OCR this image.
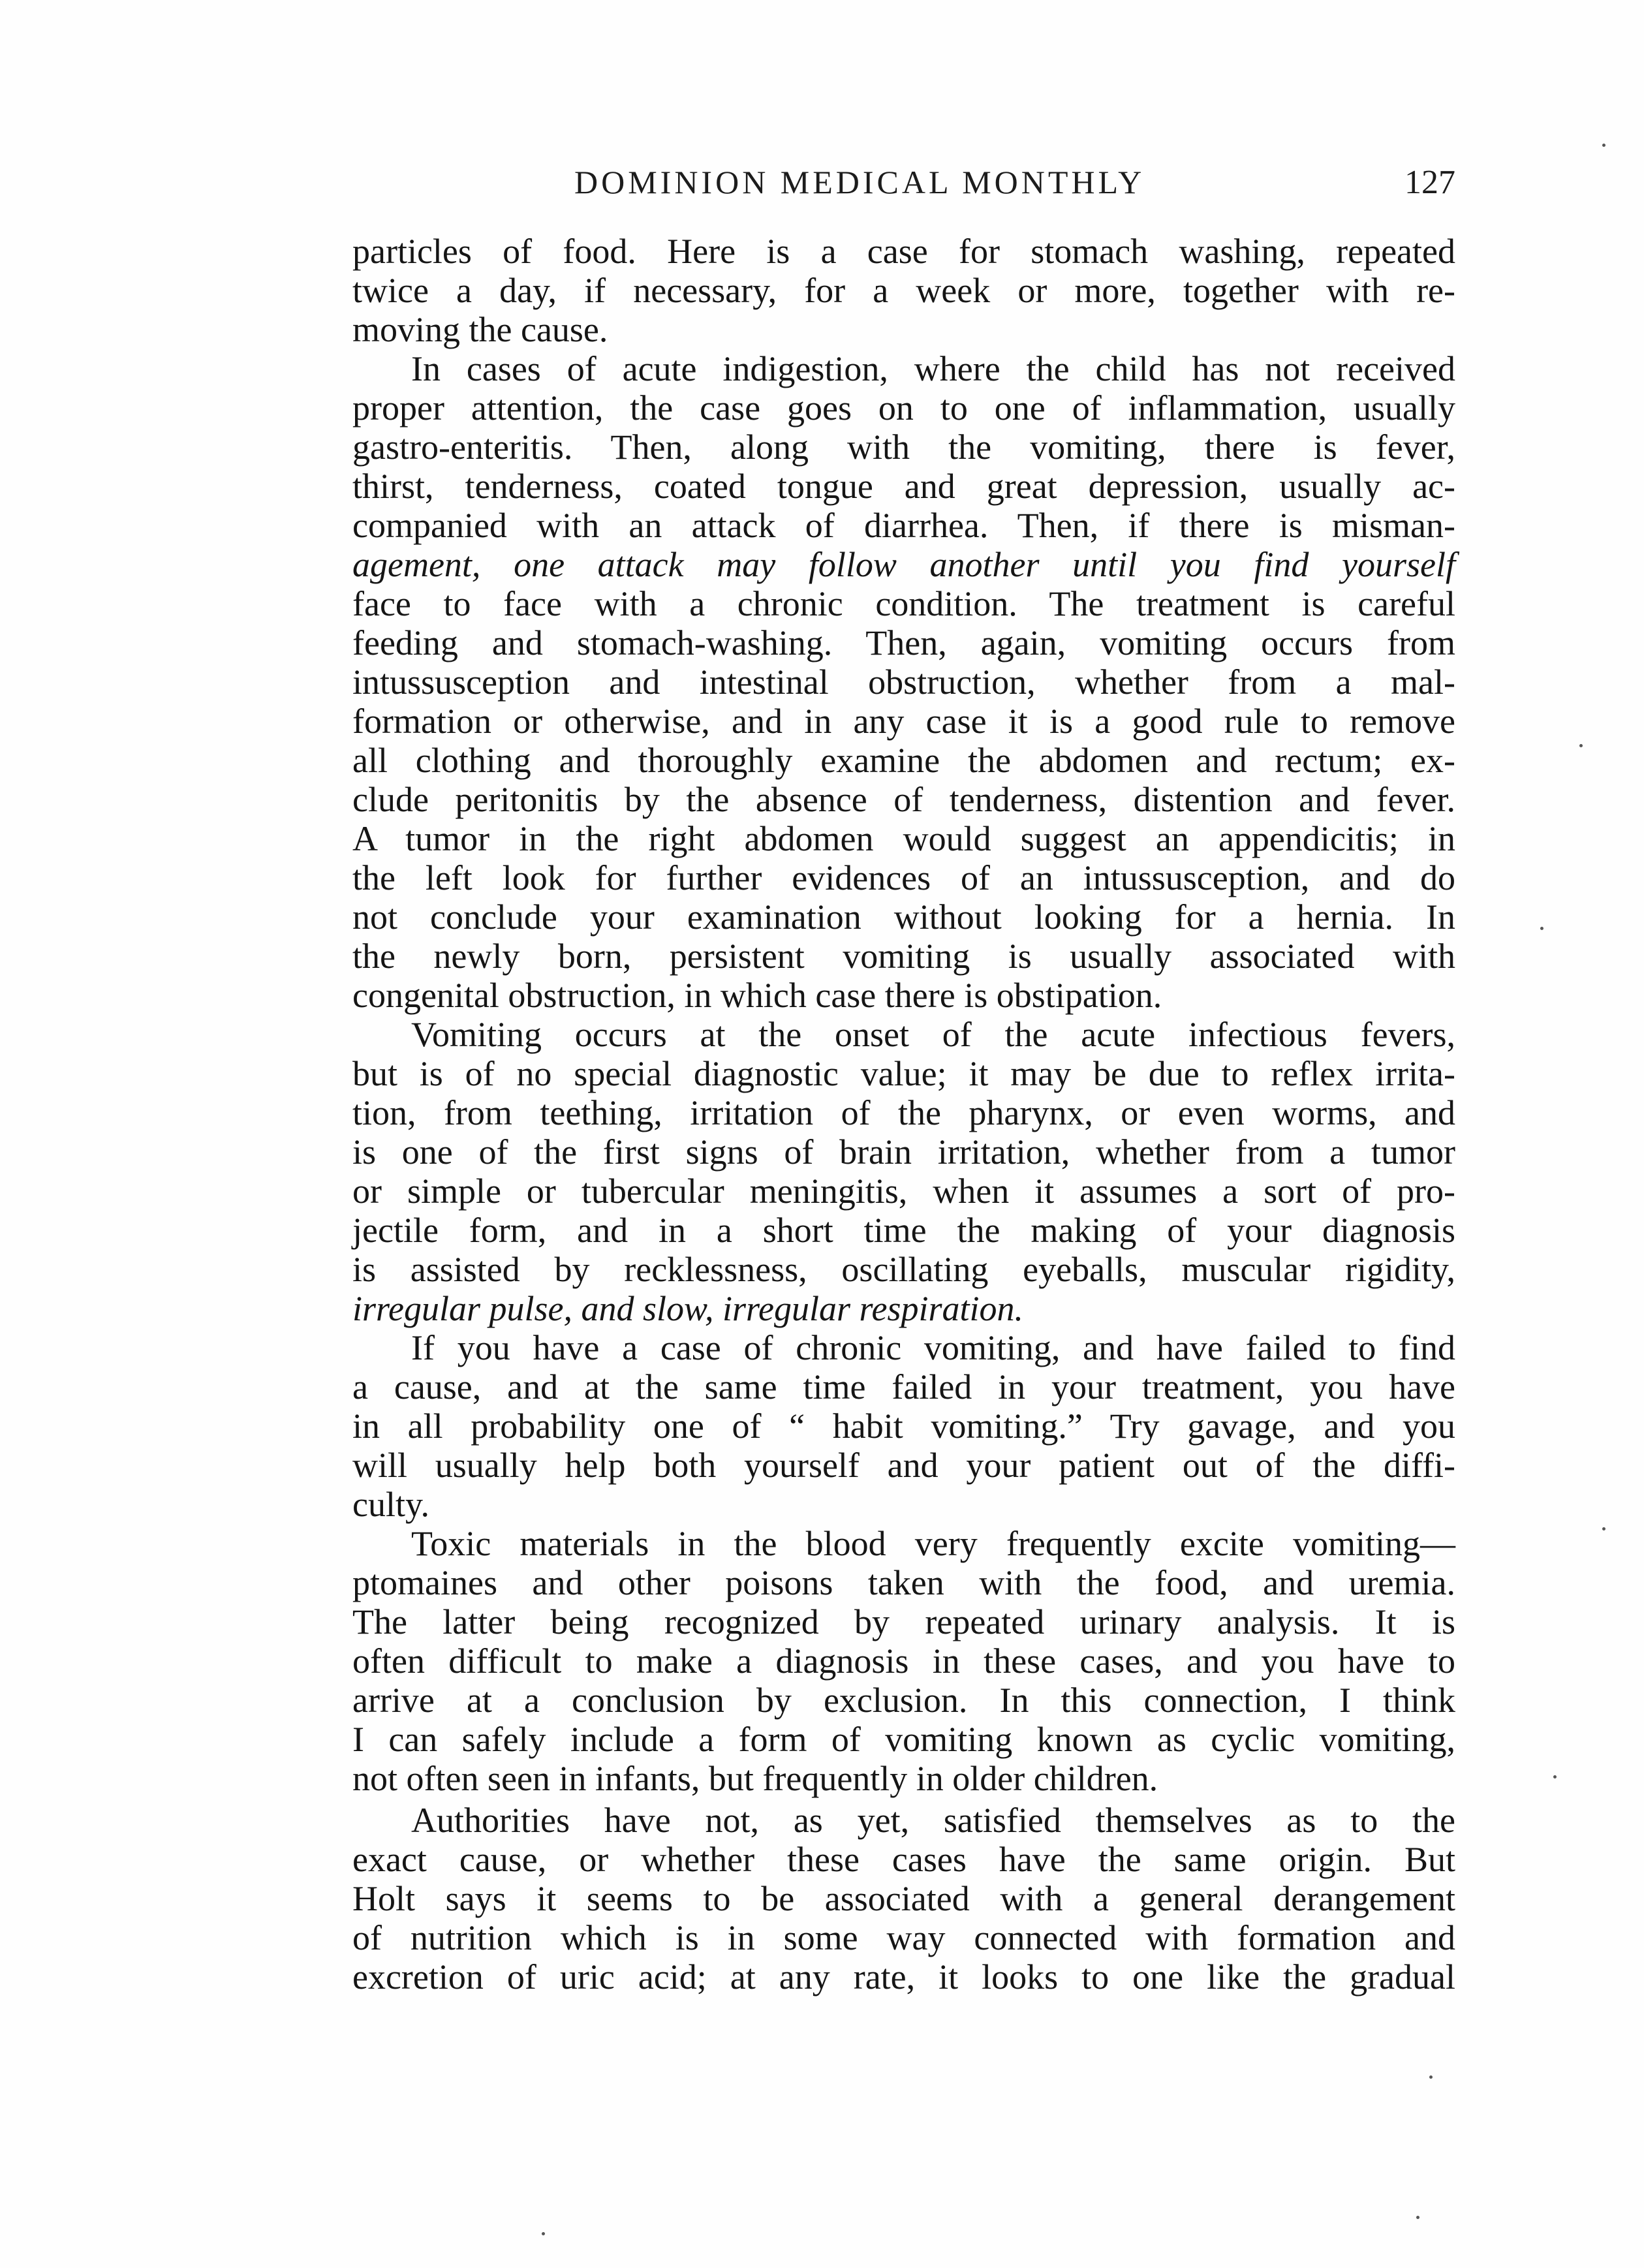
DOMINION MEDICAL MONTHLY	127
particles of food. Here is a case for stomach washing, repeated
twice a day, if necessary, for a week or more, together with re-
moving the cause.
In cases of acute indigestion, where the child has not received
proper attention, the case goes on to one of inflammation, usually
gastro-enteritis. Then, along with the vomiting, there is fever,
thirst, tenderness, coated tongue and great depression, usually ac-
companied with an attack of diarrhea. Then, if there is misman-
agement, one attack may follow another until you find yourself
face to face with a chronic condition. The treatment is careful
feeding and stomach-washing. Then, again, vomiting occurs from
intussusception and intestinal obstruction, whether from a mal-
formation or otherwise, and in any case it is a good rule to remove
all clothing and thoroughly examine the abdomen and rectum; ex-
clude peritonitis by the absence of tenderness, distention and fever.
A tumor in the right abdomen would suggest an appendicitis; in
the left look for further evidences of an intussusception, and do
not conclude your examination without looking for a hernia. In
the newly born, persistent vomiting is usually associated with
congenital obstruction, in which case there is obstipation.
Vomiting occurs at the onset of the acute infectious fevers,
but is of no special diagnostic value; it may be due to reflex irrita-
tion, from teething, irritation of the pharynx, or even worms, and
is one of the first signs of brain irritation, whether from a tumor
or simple or tubercular meningitis, when it assumes a sort of pro-
jectile form, and in a short time the making of your diagnosis
is assisted by recklessness, oscillating eyeballs, muscular rigidity,
irregular pulse, and slow, irregular respiration.
If you have a case of chronic vomiting, and have failed to find
a cause, and at the same time failed in your treatment, you have
in all probability one of “ habit vomiting.” Try gavage, and you
will usually help both yourself and your patient out of the diffi-
culty.
Toxic materials in the blood very frequently excite vomiting—
ptomaines and other poisons taken with the food, and uremia.
The latter being recognized by repeated urinary analysis. It is
often difficult to make a diagnosis in these cases, and you have to
arrive at a conclusion by exclusion. In this connection, I think
I can safely include a form of vomiting known as cyclic vomiting,
not often seen in infants, but frequently in older children.
Authorities have not, as yet, satisfied themselves as to the
exact cause, or whether these cases have the same origin. But
Holt says it seems to be associated with a general derangement
of nutrition which is in some way connected with formation and
excretion of uric acid; at any rate, it looks to one like the gradual
